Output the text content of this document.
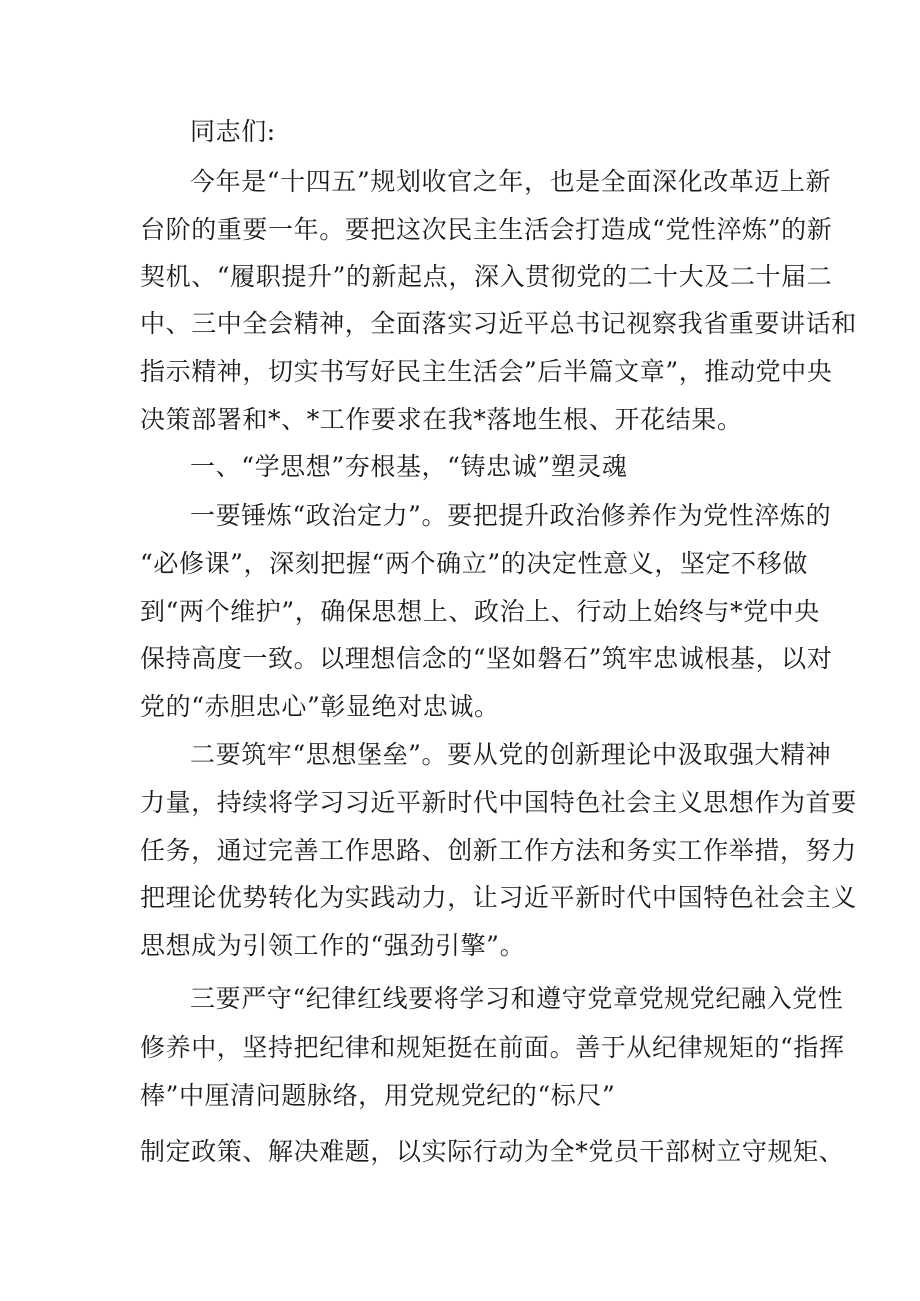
同志们:
今年是“十四五”规划收官之年，也是全面深化改革迈上新
台阶的重要一年。要把这次民主生活会打造成“党性淬炼”的新
契机、“履职提升”的新起点，深入贯彻党的二十大及二十届二
中、三中全会精神，全面落实习近平总书记视察我省重要讲话和
指示精神，切实书写好民主生活会”后半篇文章”，推动党中央
决策部署和*、*工作要求在我*落地生根、开花结果。
一、“学思想”夯根基，“铸忠诚”塑灵魂
一要锤炼“政治定力”。要把提升政治修养作为党性淬炼的
“必修课”，深刻把握“两个确立”的决定性意义，坚定不移做
到“两个维护”，确保思想上、政治上、行动上始终与*党中央
保持高度一致。以理想信念的“坚如磐石”筑牢忠诚根基，以对
党的“赤胆忠心”彰显绝对忠诚。
二要筑牢“思想堡垒”。要从党的创新理论中汲取强大精神
力量，持续将学习习近平新时代中国特色社会主义思想作为首要
任务，通过完善工作思路、创新工作方法和务实工作举措，努力
把理论优势转化为实践动力，让习近平新时代中国特色社会主义
思想成为引领工作的“强劲引擎”。
三要严守“纪律红线要将学习和遵守党章党规党纪融入党性
修养中，坚持把纪律和规矩挺在前面。善于从纪律规矩的“指挥
棒”中厘清问题脉络，用党规党纪的“标尺”
制定政策、解决难题，以实际行动为全*党员干部树立守规矩、
